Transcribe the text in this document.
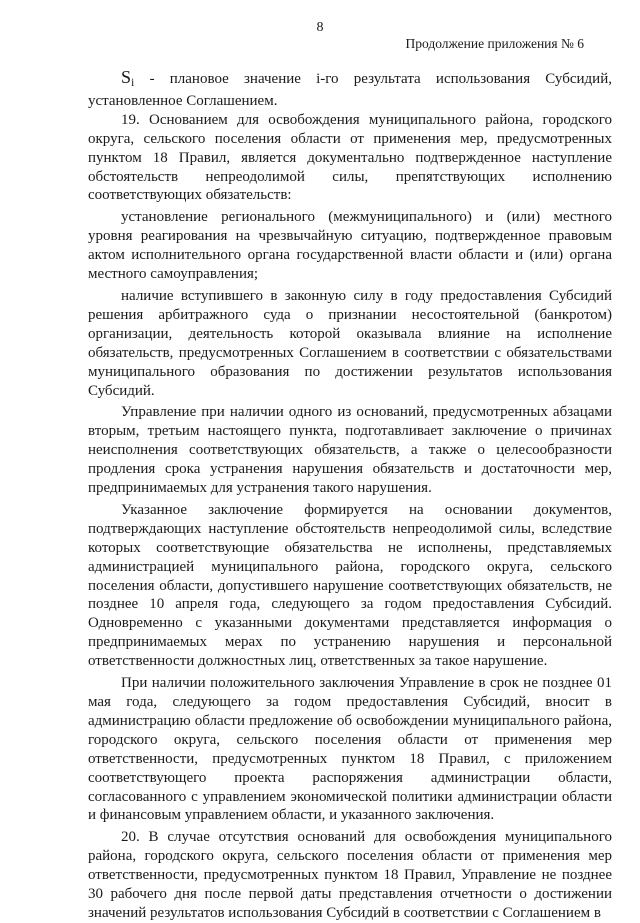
8
Продолжение приложения № 6

$S_i$ - плановое значение i-го результата использования Субсидий, установленное Соглашением.

19. Основанием для освобождения муниципального района, городского округа, сельского поселения области от применения мер, предусмотренных пунктом 18 Правил, является документально подтвержденное наступление обстоятельств непреодолимой силы, препятствующих исполнению соответствующих обязательств:

установление регионального (межмуниципального) и (или) местного уровня реагирования на чрезвычайную ситуацию, подтвержденное правовым актом исполнительного органа государственной власти области и (или) органа местного самоуправления;

наличие вступившего в законную силу в году предоставления Субсидий решения арбитражного суда о признании несостоятельной (банкротом) организации, деятельность которой оказывала влияние на исполнение обязательств, предусмотренных Соглашением в соответствии с обязательствами муниципального образования по достижении результатов использования Субсидий.

Управление при наличии одного из оснований, предусмотренных абзацами вторым, третьим настоящего пункта, подготавливает заключение о причинах неисполнения соответствующих обязательств, а также о целесообразности продления срока устранения нарушения обязательств и достаточности мер, предпринимаемых для устранения такого нарушения.

Указанное заключение формируется на основании документов, подтверждающих наступление обстоятельств непреодолимой силы, вследствие которых соответствующие обязательства не исполнены, представляемых администрацией муниципального района, городского округа, сельского поселения области, допустившего нарушение соответствующих обязательств, не позднее 10 апреля года, следующего за годом предоставления Субсидий. Одновременно с указанными документами представляется информация о предпринимаемых мерах по устранению нарушения и персональной ответственности должностных лиц, ответственных за такое нарушение.

При наличии положительного заключения Управление в срок не позднее 01 мая года, следующего за годом предоставления Субсидий, вносит в администрацию области предложение об освобождении муниципального района, городского округа, сельского поселения области от применения мер ответственности, предусмотренных пунктом 18 Правил, с приложением соответствующего проекта распоряжения администрации области, согласованного с управлением экономической политики администрации области и финансовым управлением области, и указанного заключения.

20. В случае отсутствия оснований для освобождения муниципального района, городского округа, сельского поселения области от применения мер ответственности, предусмотренных пунктом 18 Правил, Управление не позднее 30 рабочего дня после первой даты представления отчетности о достижении значений результатов использования Субсидий в соответствии с Соглашением в
